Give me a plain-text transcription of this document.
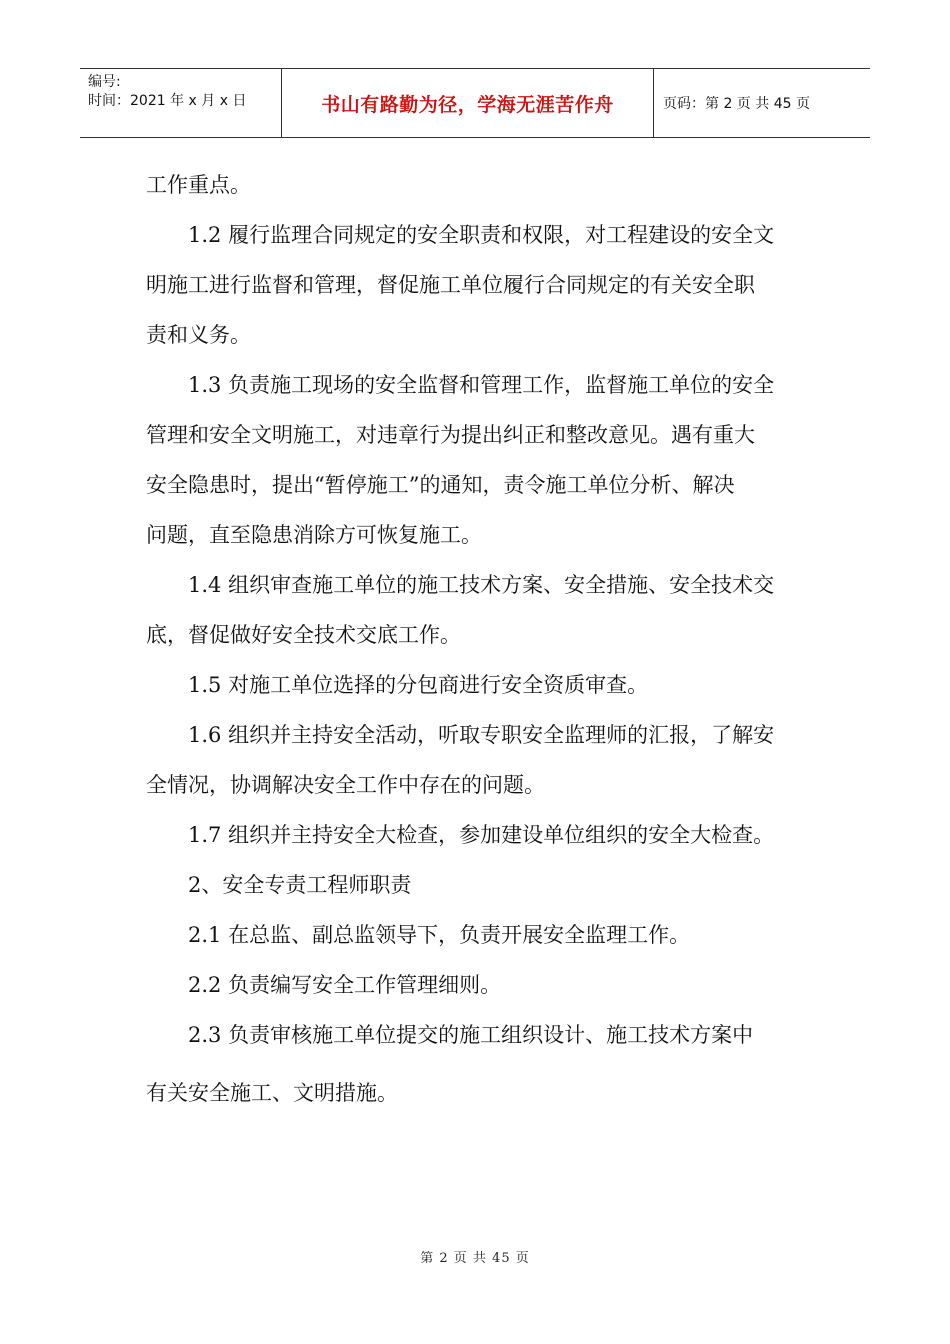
编号:
时间：2021 年 x 月 x 日	书山有路勤为径，学海无涯苦作舟	页码：第 2 页 共 45 页

工作重点。

1.2 履行监理合同规定的安全职责和权限，对工程建设的安全文

明施工进行监督和管理，督促施工单位履行合同规定的有关安全职

责和义务。

1.3 负责施工现场的安全监督和管理工作，监督施工单位的安全

管理和安全文明施工，对违章行为提出纠正和整改意见。遇有重大

安全隐患时，提出“暂停施工”的通知，责令施工单位分析、解决

问题，直至隐患消除方可恢复施工。

1.4 组织审查施工单位的施工技术方案、安全措施、安全技术交

底，督促做好安全技术交底工作。

1.5 对施工单位选择的分包商进行安全资质审查。

1.6 组织并主持安全活动，听取专职安全监理师的汇报，了解安

全情况，协调解决安全工作中存在的问题。

1.7 组织并主持安全大检查，参加建设单位组织的安全大检查。

2、安全专责工程师职责

2.1 在总监、副总监领导下，负责开展安全监理工作。

2.2 负责编写安全工作管理细则。

2.3 负责审核施工单位提交的施工组织设计、施工技术方案中

有关安全施工、文明措施。

第 2 页 共 45 页
